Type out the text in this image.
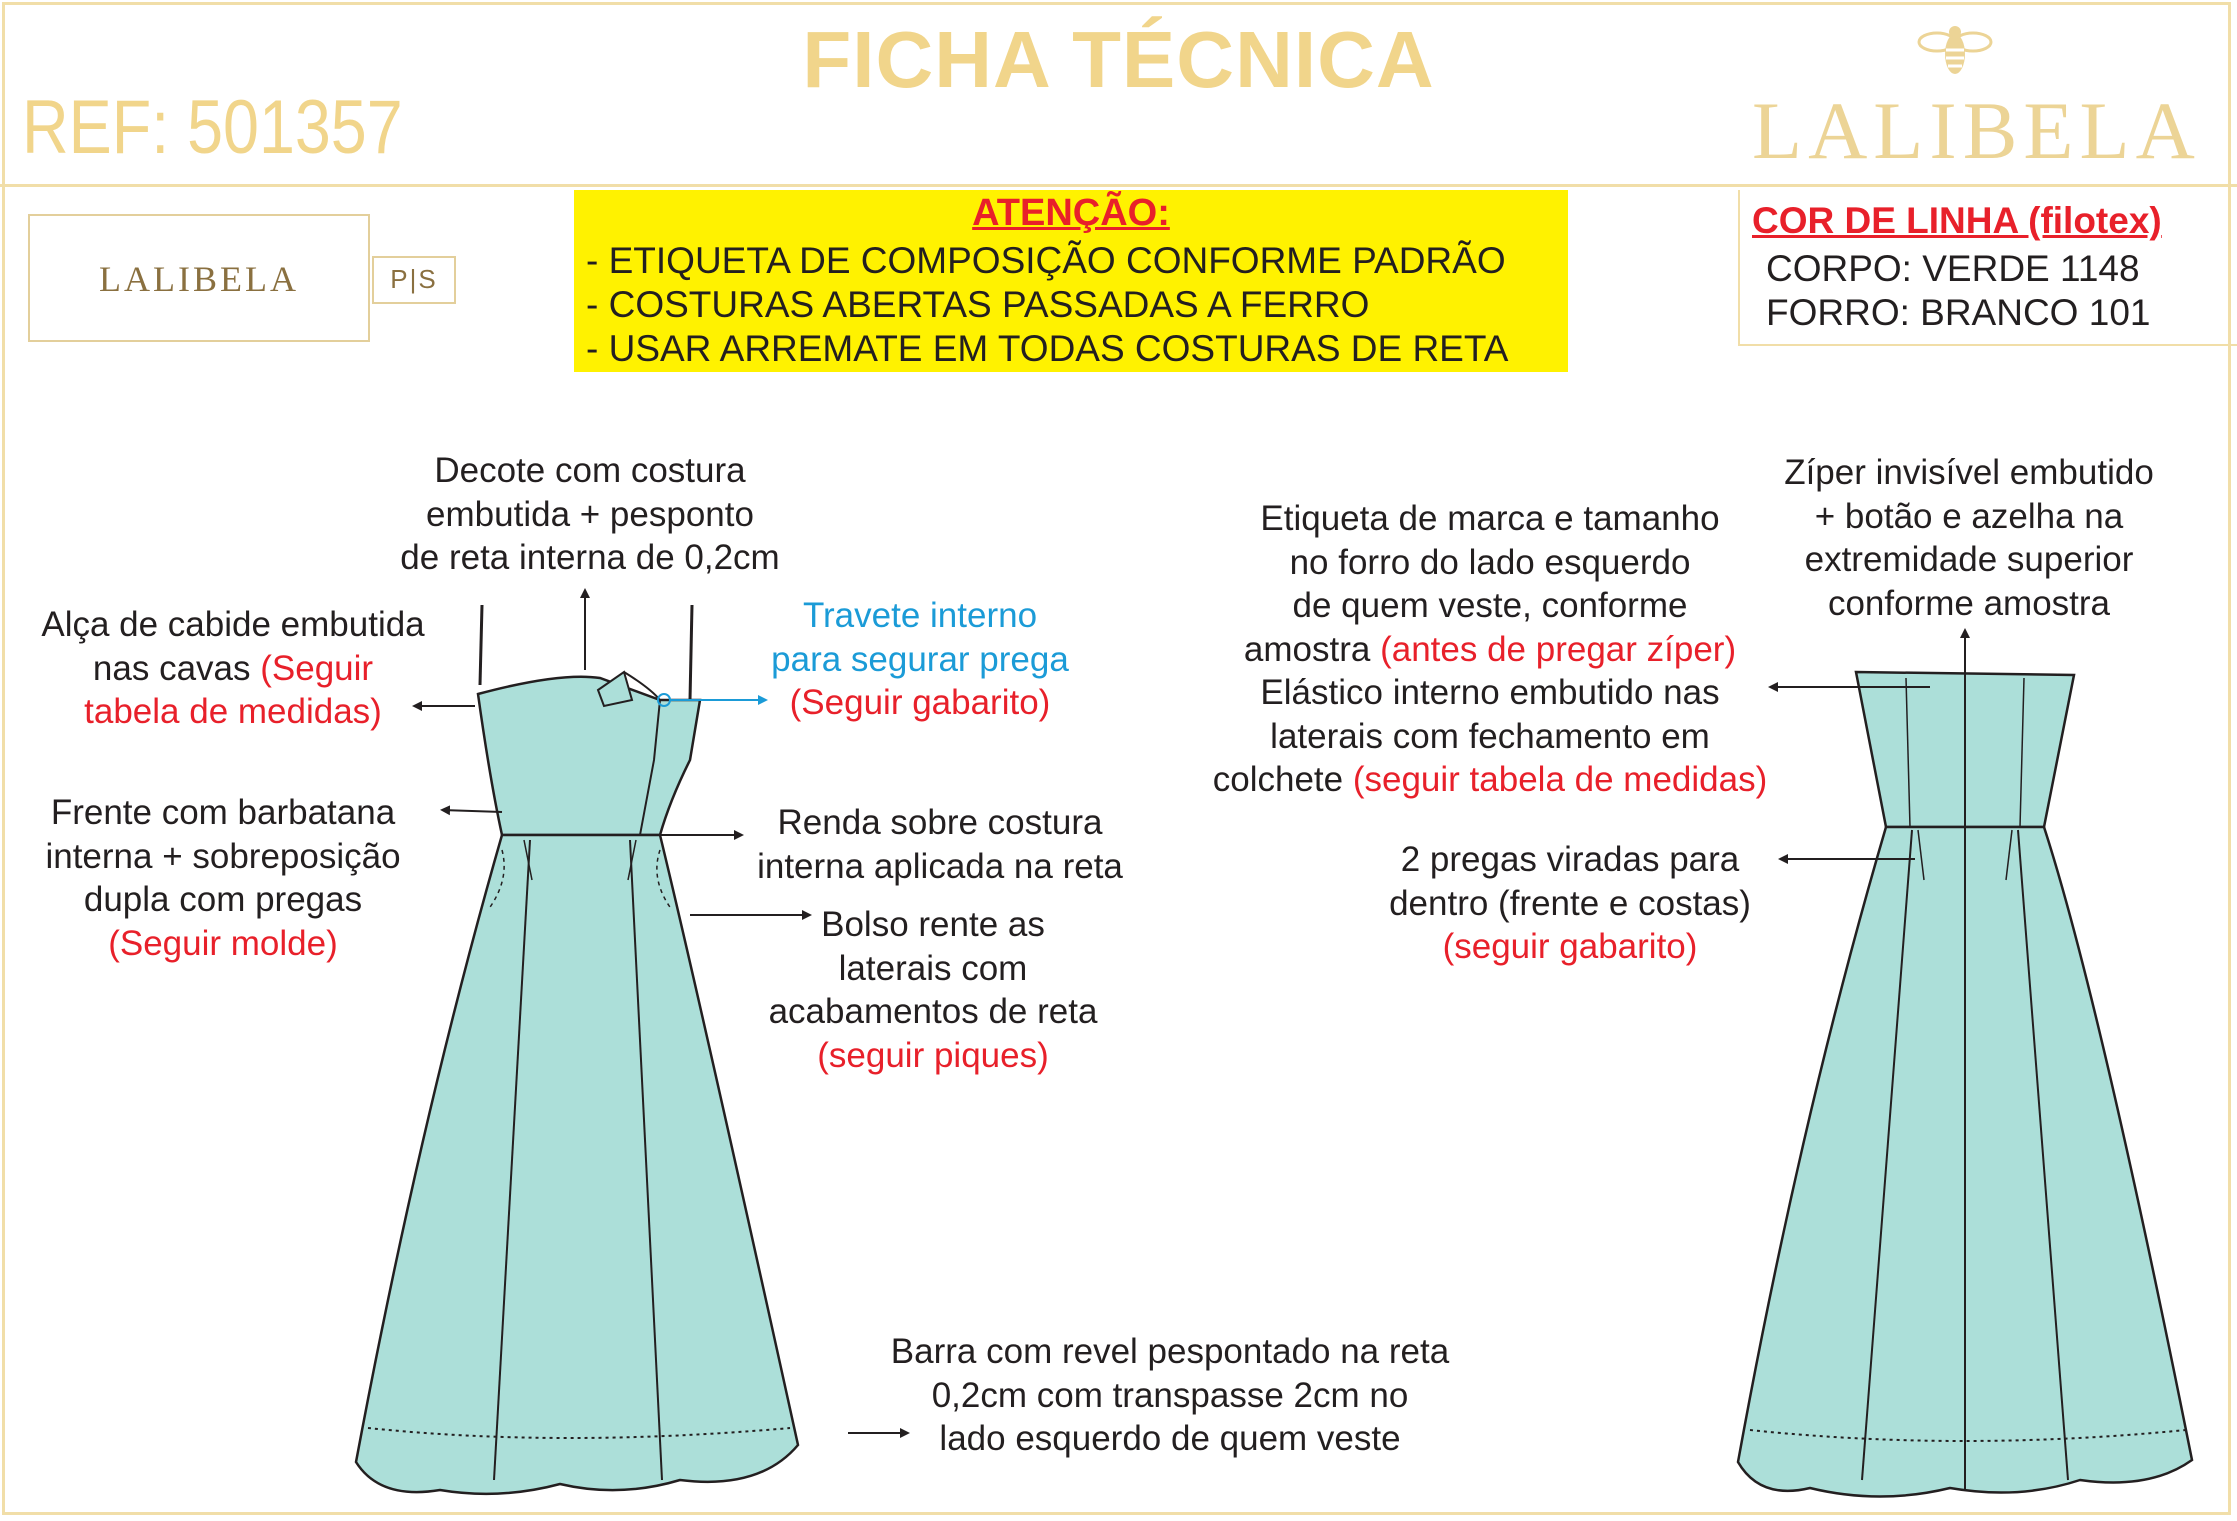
FICHA TÉCNICA
REF: 501357	LALIBELA
LALIBELA	P|S
ATENÇÃO:
- ETIQUETA DE COMPOSIÇÃO CONFORME PADRÃO
- COSTURAS ABERTAS PASSADAS A FERRO
- USAR ARREMATE EM TODAS COSTURAS DE RETA
COR DE LINHA (filotex)
CORPO: VERDE 1148
FORRO: BRANCO 101
Decote com costura
embutida + pesponto
de reta interna de 0,2cm
Alça de cabide embutida
nas cavas (Seguir
tabela de medidas)
Travete interno
para segurar prega
(Seguir gabarito)
Frente com barbatana
interna + sobreposição
dupla com pregas
(Seguir molde)
Renda sobre costura
interna aplicada na reta
Bolso rente as
laterais com
acabamentos de reta
(seguir piques)
Barra com revel pespontado na reta
0,2cm com transpasse 2cm no
lado esquerdo de quem veste
Zíper invisível embutido
+ botão e azelha na
extremidade superior
conforme amostra
Etiqueta de marca e tamanho
no forro do lado esquerdo
de quem veste, conforme
amostra (antes de pregar zíper)
Elástico interno embutido nas
laterais com fechamento em
colchete (seguir tabela de medidas)
2 pregas viradas para
dentro (frente e costas)
(seguir gabarito)
